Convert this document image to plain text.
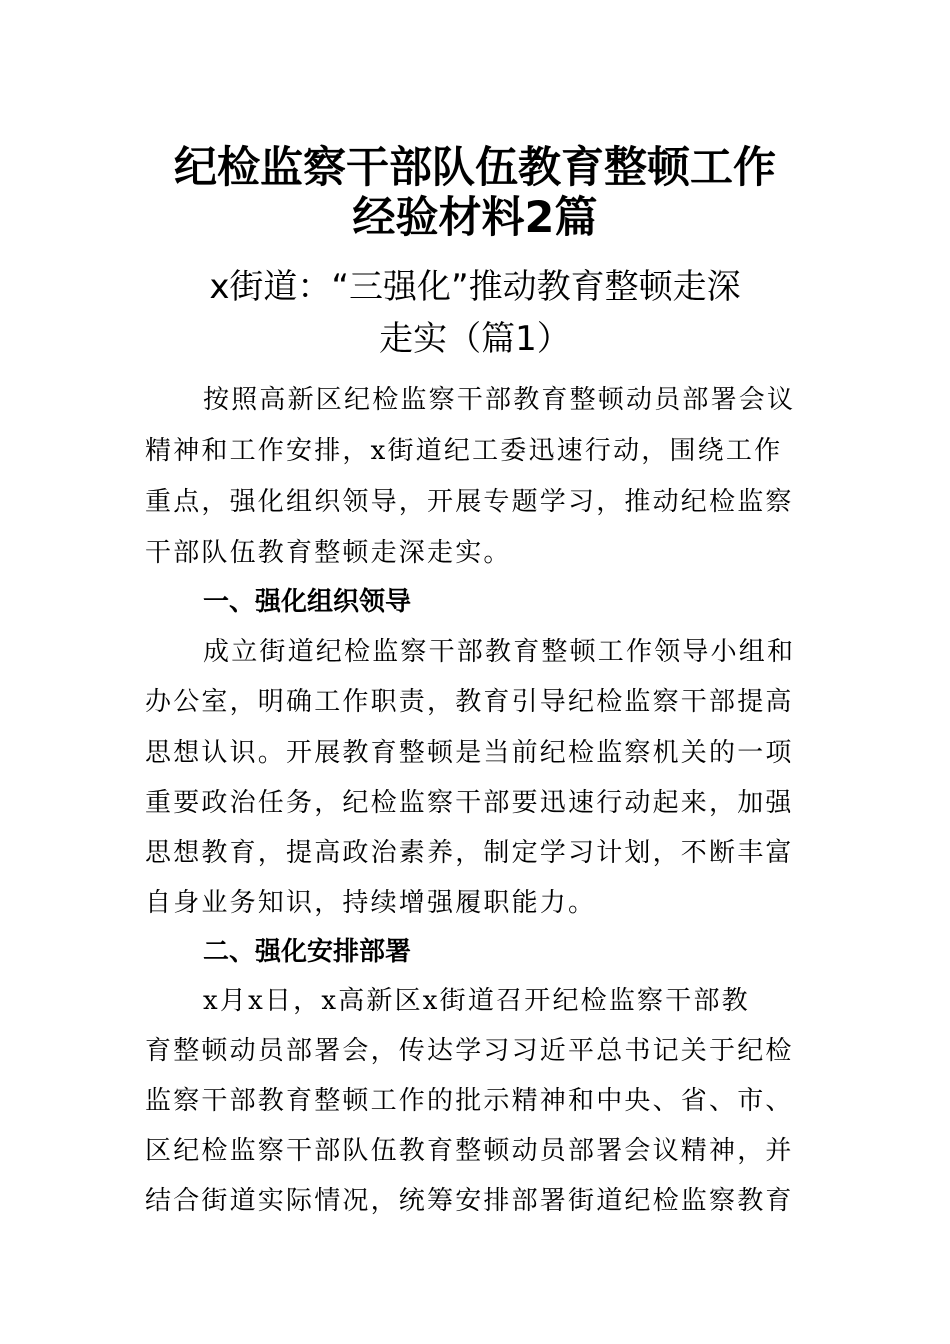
纪检监察干部队伍教育整顿工作
经验材料2篇
x街道：“三强化”推动教育整顿走深
走实（篇1）

按照高新区纪检监察干部教育整顿动员部署会议

精神和工作安排，x街道纪工委迅速行动，围绕工作

重点，强化组织领导，开展专题学习，推动纪检监察

干部队伍教育整顿走深走实。

一、强化组织领导

成立街道纪检监察干部教育整顿工作领导小组和

办公室，明确工作职责，教育引导纪检监察干部提高

思想认识。开展教育整顿是当前纪检监察机关的一项

重要政治任务，纪检监察干部要迅速行动起来，加强

思想教育，提高政治素养，制定学习计划，不断丰富

自身业务知识，持续增强履职能力。

二、强化安排部署

x月x日，x高新区x街道召开纪检监察干部教

育整顿动员部署会，传达学习习近平总书记关于纪检

监察干部教育整顿工作的批示精神和中央、省、市、

区纪检监察干部队伍教育整顿动员部署会议精神，并

结合街道实际情况，统筹安排部署街道纪检监察教育
